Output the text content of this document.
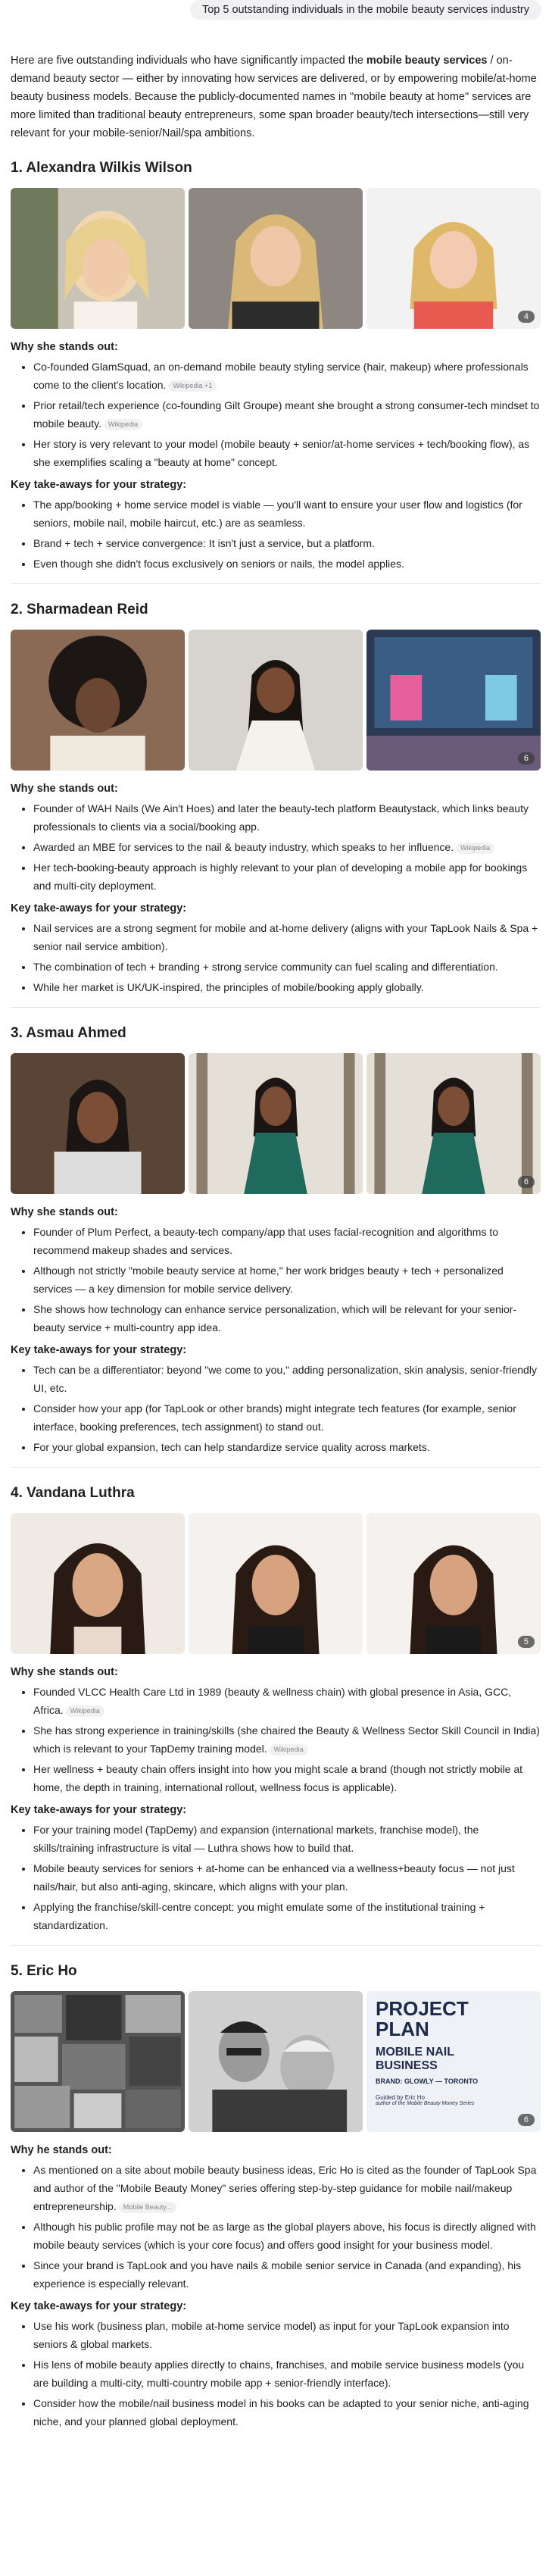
Top 5 outstanding individuals in the mobile beauty services industry

Here are five outstanding individuals who have significantly impacted the mobile beauty services / on-demand beauty sector — either by innovating how services are delivered, or by empowering mobile/at-home beauty business models. Because the publicly-documented names in "mobile beauty at home" services are more limited than traditional beauty entrepreneurs, some span broader beauty/tech intersections—still very relevant for your mobile-senior/Nail/spa ambitions.

1. Alexandra Wilkis Wilson
4
Why she stands out:
• Co-founded GlamSquad, an on-demand mobile beauty styling service (hair, makeup) where professionals come to the client's location. Wikipedia +1
• Prior retail/tech experience (co-founding Gilt Groupe) meant she brought a strong consumer-tech mindset to mobile beauty. Wikipedia
• Her story is very relevant to your model (mobile beauty + senior/at-home services + tech/booking flow), as she exemplifies scaling a "beauty at home" concept.
Key take-aways for your strategy:
• The app/booking + home service model is viable — you'll want to ensure your user flow and logistics (for seniors, mobile nail, mobile haircut, etc.) are as seamless.
• Brand + tech + service convergence: It isn't just a service, but a platform.
• Even though she didn't focus exclusively on seniors or nails, the model applies.
2. Sharmadean Reid
6
Why she stands out:
• Founder of WAH Nails (We Ain't Hoes) and later the beauty-tech platform Beautystack, which links beauty professionals to clients via a social/booking app.
• Awarded an MBE for services to the nail & beauty industry, which speaks to her influence. Wikipedia
• Her tech-booking-beauty approach is highly relevant to your plan of developing a mobile app for bookings and multi-city deployment.
Key take-aways for your strategy:
• Nail services are a strong segment for mobile and at-home delivery (aligns with your TapLook Nails & Spa + senior nail service ambition).
• The combination of tech + branding + strong service community can fuel scaling and differentiation.
• While her market is UK/UK-inspired, the principles of mobile/booking apply globally.
3. Asmau Ahmed
6
Why she stands out:
• Founder of Plum Perfect, a beauty-tech company/app that uses facial-recognition and algorithms to recommend makeup shades and services.
• Although not strictly "mobile beauty service at home," her work bridges beauty + tech + personalized services — a key dimension for mobile service delivery.
• She shows how technology can enhance service personalization, which will be relevant for your senior-beauty service + multi-country app idea.
Key take-aways for your strategy:
• Tech can be a differentiator: beyond "we come to you," adding personalization, skin analysis, senior-friendly UI, etc.
• Consider how your app (for TapLook or other brands) might integrate tech features (for example, senior interface, booking preferences, tech assignment) to stand out.
• For your global expansion, tech can help standardize service quality across markets.
4. Vandana Luthra
5
Why she stands out:
• Founded VLCC Health Care Ltd in 1989 (beauty & wellness chain) with global presence in Asia, GCC, Africa. Wikipedia
• She has strong experience in training/skills (she chaired the Beauty & Wellness Sector Skill Council in India) which is relevant to your TapDemy training model. Wikipedia
• Her wellness + beauty chain offers insight into how you might scale a brand (though not strictly mobile at home, the depth in training, international rollout, wellness focus is applicable).
Key take-aways for your strategy:
• For your training model (TapDemy) and expansion (international markets, franchise model), the skills/training infrastructure is vital — Luthra shows how to build that.
• Mobile beauty services for seniors + at-home can be enhanced via a wellness+beauty focus — not just nails/hair, but also anti-aging, skincare, which aligns with your plan.
• Applying the franchise/skill-centre concept: you might emulate some of the institutional training + standardization.
5. Eric Ho
PROJECT
PLAN
MOBILE NAIL
BUSINESS
BRAND: GLOWLY — TORONTO
Guided by Eric Ho
author of the Mobile Beauty Money Series
6
Why he stands out:
• As mentioned on a site about mobile beauty business ideas, Eric Ho is cited as the founder of TapLook Spa and author of the "Mobile Beauty Money" series offering step-by-step guidance for mobile nail/makeup entrepreneurship. Mobile Beauty...
• Although his public profile may not be as large as the global players above, his focus is directly aligned with mobile beauty services (which is your core focus) and offers good insight for your business model.
• Since your brand is TapLook and you have nails & mobile senior service in Canada (and expanding), his experience is especially relevant.
Key take-aways for your strategy:
• Use his work (business plan, mobile at-home service model) as input for your TapLook expansion into seniors & global markets.
• His lens of mobile beauty applies directly to chains, franchises, and mobile service business models (you are building a multi-city, multi-country mobile app + senior-friendly interface).
• Consider how the mobile/nail business model in his books can be adapted to your senior niche, anti-aging niche, and your planned global deployment.
